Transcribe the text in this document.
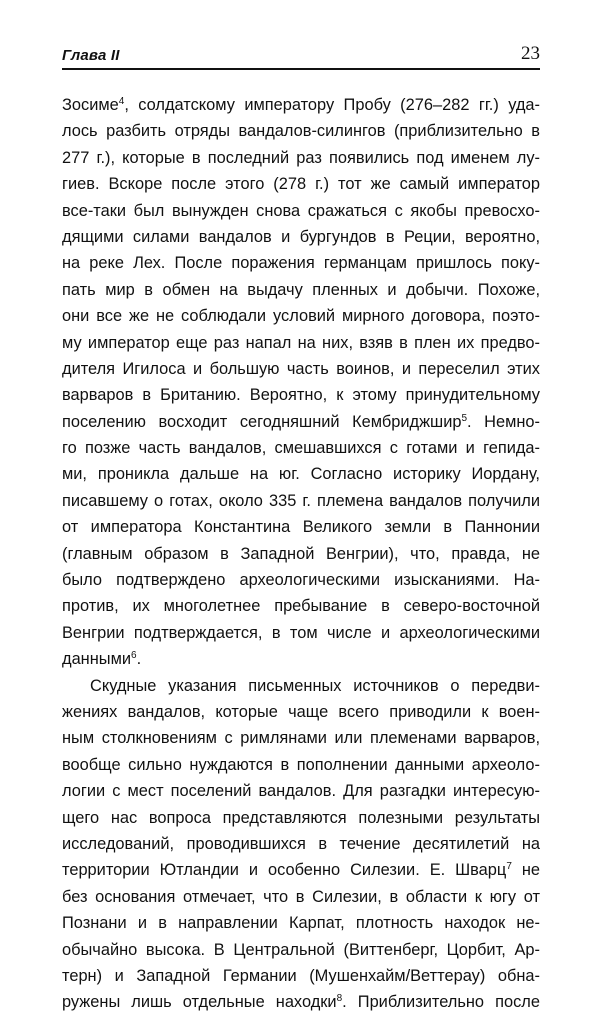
Глава II	23
Зосиме$^4$, солдатскому императору Пробу (276–282 гг.) уда-
лось разбить отряды вандалов-силингов (приблизительно в
277 г.), которые в последний раз появились под именем лу-
гиев. Вскоре после этого (278 г.) тот же самый император
все-таки был вынужден снова сражаться с якобы превосхо-
дящими силами вандалов и бургундов в Реции, вероятно,
на реке Лех. После поражения германцам пришлось поку-
пать мир в обмен на выдачу пленных и добычи. Похоже,
они все же не соблюдали условий мирного договора, поэто-
му император еще раз напал на них, взяв в плен их предво-
дителя Игилоса и большую часть воинов, и переселил этих
варваров в Британию. Вероятно, к этому принудительному
поселению восходит сегодняшний Кембриджшир$^5$. Немно-
го позже часть вандалов, смешавшихся с готами и гепида-
ми, проникла дальше на юг. Согласно историку Иордану,
писавшему о готах, около 335 г. племена вандалов получили
от императора Константина Великого земли в Паннонии
(главным образом в Западной Венгрии), что, правда, не
было подтверждено археологическими изысканиями. На-
против, их многолетнее пребывание в северо-восточной
Венгрии подтверждается, в том числе и археологическими
данными$^6$.
Скудные указания письменных источников о передви-
жениях вандалов, которые чаще всего приводили к воен-
ным столкновениям с римлянами или племенами варваров,
вообще сильно нуждаются в пополнении данными археоло-
логии с мест поселений вандалов. Для разгадки интересую-
щего нас вопроса представляются полезными результаты
исследований, проводившихся в течение десятилетий на
территории Ютландии и особенно Силезии. Е. Шварц$^7$ не
без основания отмечает, что в Силезии, в области к югу от
Познани и в направлении Карпат, плотность находок не-
обычайно высока. В Центральной (Виттенберг, Цорбит, Ар-
терн) и Западной Германии (Мушенхайм/Веттерау) обна-
ружены лишь отдельные находки$^8$. Приблизительно после
